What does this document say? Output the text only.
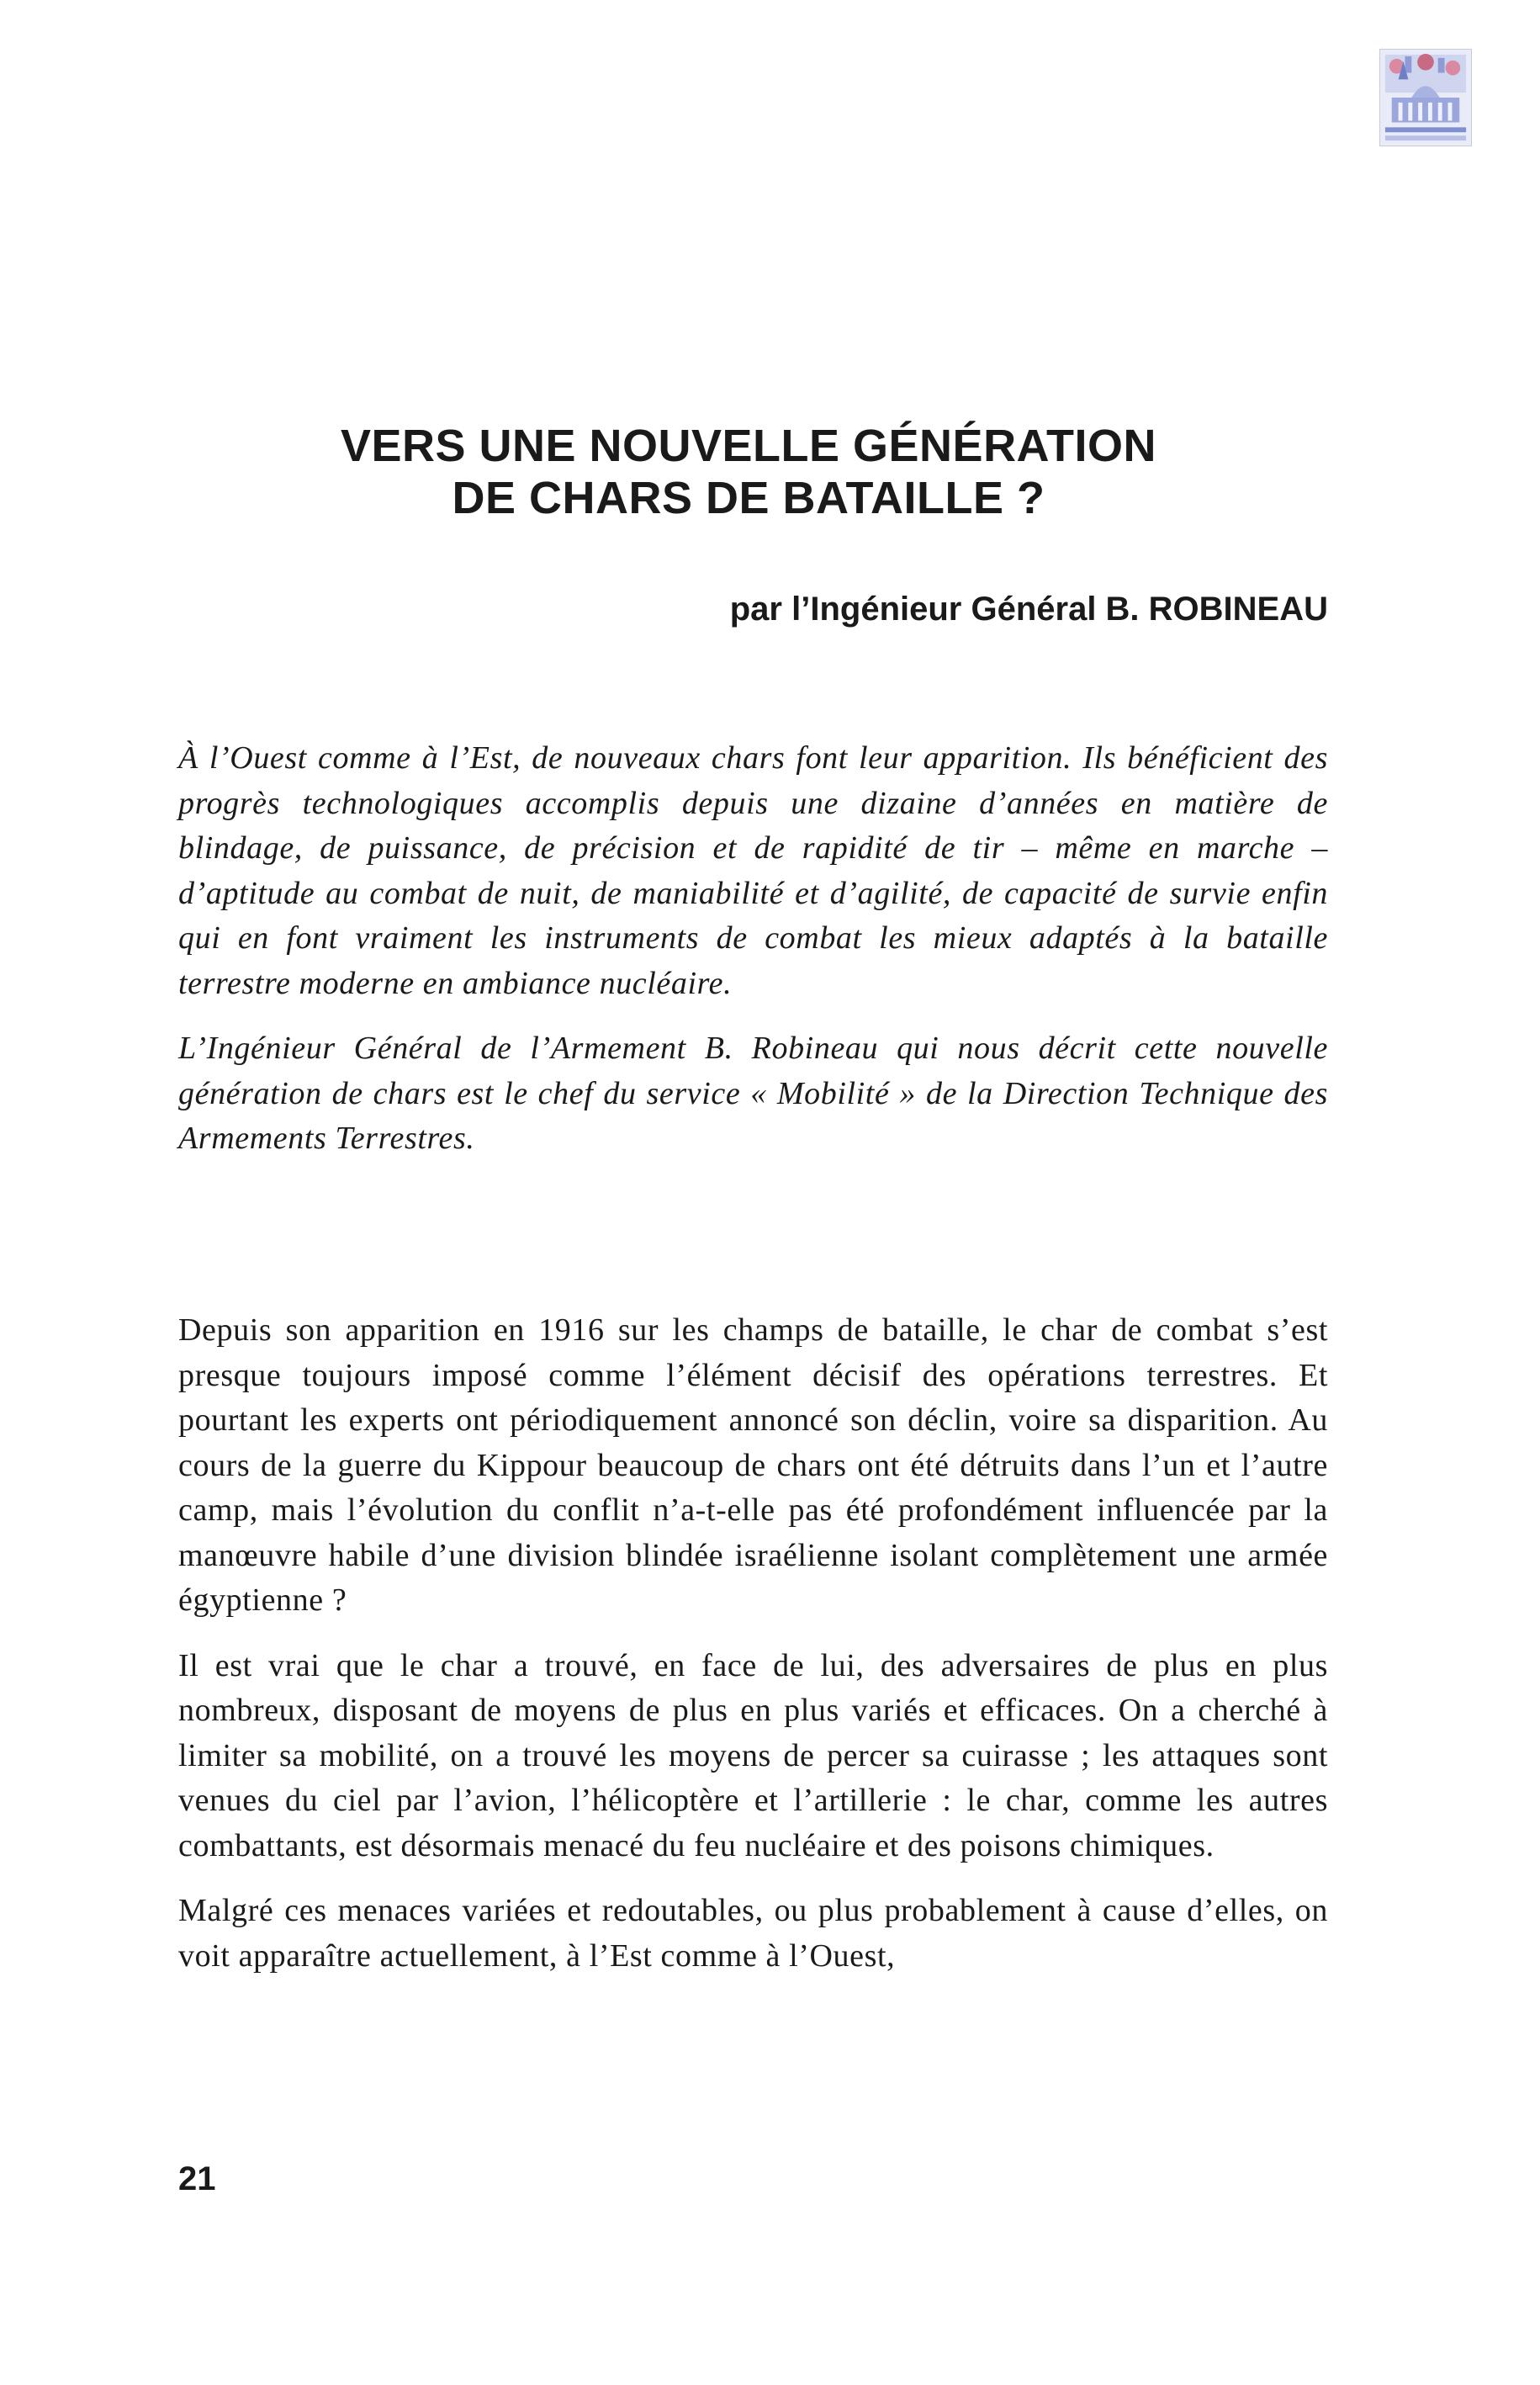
VERS UNE NOUVELLE GÉNÉRATION
DE CHARS DE BATAILLE ?
par l’Ingénieur Général B. ROBINEAU

À l’Ouest comme à l’Est, de nouveaux chars font leur apparition. Ils bénéficient des progrès technologiques accomplis depuis une dizaine d’années en matière de blindage, de puissance, de précision et de rapidité de tir – même en marche – d’aptitude au combat de nuit, de maniabilité et d’agilité, de capacité de survie enfin qui en font vraiment les instruments de combat les mieux adaptés à la bataille terrestre moderne en ambiance nucléaire.

L’Ingénieur Général de l’Armement B. Robineau qui nous décrit cette nouvelle génération de chars est le chef du service « Mobilité » de la Direction Technique des Armements Terrestres.

Depuis son apparition en 1916 sur les champs de bataille, le char de combat s’est presque toujours imposé comme l’élément décisif des opérations terrestres. Et pourtant les experts ont périodiquement annoncé son déclin, voire sa disparition. Au cours de la guerre du Kippour beaucoup de chars ont été détruits dans l’un et l’autre camp, mais l’évolution du conflit n’a-t-elle pas été profondément influencée par la manœuvre habile d’une division blindée israélienne isolant complètement une armée égyptienne ?

Il est vrai que le char a trouvé, en face de lui, des adversaires de plus en plus nombreux, disposant de moyens de plus en plus variés et efficaces. On a cherché à limiter sa mobilité, on a trouvé les moyens de percer sa cuirasse ; les attaques sont venues du ciel par l’avion, l’hélicoptère et l’artillerie : le char, comme les autres combattants, est désormais menacé du feu nucléaire et des poisons chimiques.

Malgré ces menaces variées et redoutables, ou plus probablement à cause d’elles, on voit apparaître actuellement, à l’Est comme à l’Ouest,

21
